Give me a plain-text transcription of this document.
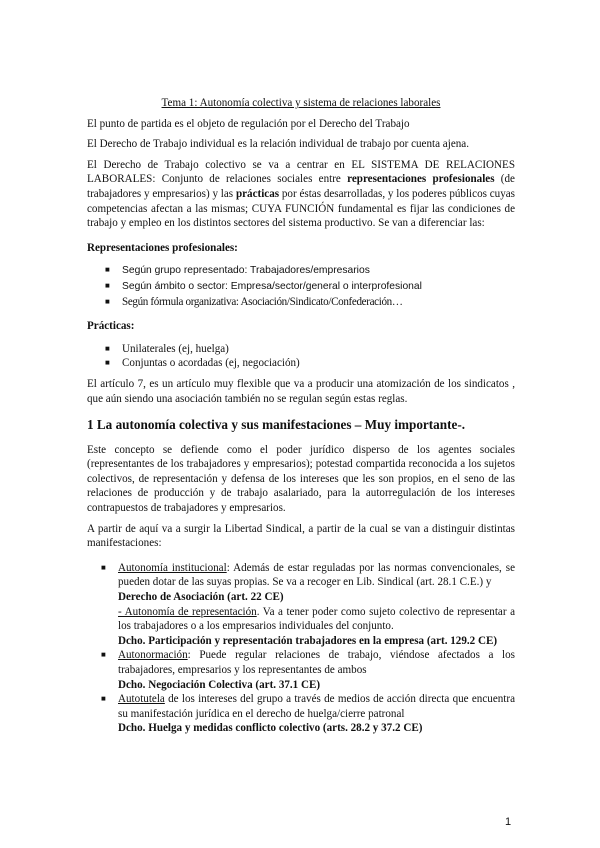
Tema 1: Autonomía colectiva y sistema de relaciones laborales

El punto de partida es el objeto de regulación por el Derecho del Trabajo

El Derecho de Trabajo individual es la relación individual de trabajo por cuenta ajena.

El Derecho de Trabajo colectivo se va a centrar en EL SISTEMA DE RELACIONES LABORALES: Conjunto de relaciones sociales entre representaciones profesionales (de trabajadores y empresarios) y las prácticas por éstas desarrolladas, y los poderes públicos cuyas competencias afectan a las mismas; CUYA FUNCIÓN fundamental es fijar las condiciones de trabajo y empleo en los distintos sectores del sistema productivo. Se van a diferenciar las:

Representaciones profesionales:

■ Según grupo representado: Trabajadores/empresarios
■ Según ámbito o sector: Empresa/sector/general o interprofesional
■ Según fórmula organizativa: Asociación/Sindicato/Confederación…

Prácticas:

■ Unilaterales (ej, huelga)
■ Conjuntas o acordadas (ej, negociación)

El artículo 7, es un artículo muy flexible que va a producir una atomización de los sindicatos , que aún siendo una asociación también no se regulan según estas reglas.

1 La autonomía colectiva y sus manifestaciones – Muy importante-.

Este concepto se defiende como el poder jurídico disperso de los agentes sociales (representantes de los trabajadores y empresarios); potestad compartida reconocida a los sujetos colectivos, de representación y defensa de los intereses que les son propios, en el seno de las relaciones de producción y de trabajo asalariado, para la autorregulación de los intereses contrapuestos de trabajadores y empresarios.

A partir de aquí va a surgir la Libertad Sindical, a partir de la cual se van a distinguir distintas manifestaciones:

■ Autonomía institucional: Además de estar reguladas por las normas convencionales, se pueden dotar de las suyas propias. Se va a recoger en Lib. Sindical (art. 28.1 C.E.) y
Derecho de Asociación (art. 22 CE)
- Autonomía de representación. Va a tener poder como sujeto colectivo de representar a los trabajadores o a los empresarios individuales del conjunto.
Dcho. Participación y representación trabajadores en la empresa (art. 129.2 CE)
■ Autonormación: Puede regular relaciones de trabajo, viéndose afectados a los trabajadores, empresarios y los representantes de ambos
Dcho. Negociación Colectiva (art. 37.1 CE)
■ Autotutela de los intereses del grupo a través de medios de acción directa que encuentra su manifestación jurídica en el derecho de huelga/cierre patronal
Dcho. Huelga y medidas conflicto colectivo (arts. 28.2 y 37.2 CE)
1
